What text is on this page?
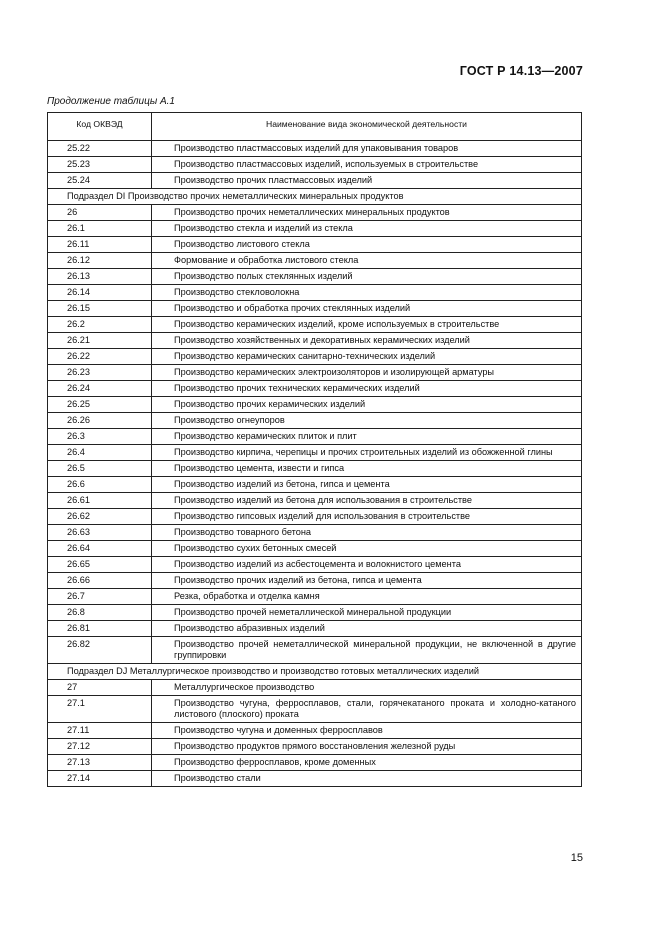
ГОСТ Р 14.13—2007
Продолжение таблицы А.1
Код ОКВЭД	Наименование вида экономической деятельности
25.22	Производство пластмассовых изделий для упаковывания товаров
25.23	Производство пластмассовых изделий, используемых в строительстве
25.24	Производство прочих пластмассовых изделий
Подраздел DI Производство прочих неметаллических минеральных продуктов	
26	Производство прочих неметаллических минеральных продуктов
26.1	Производство стекла и изделий из стекла
26.11	Производство листового стекла
26.12	Формование и обработка листового стекла
26.13	Производство полых стеклянных изделий
26.14	Производство стекловолокна
26.15	Производство и обработка прочих стеклянных изделий
26.2	Производство керамических изделий, кроме используемых в строительстве
26.21	Производство хозяйственных и декоративных керамических изделий
26.22	Производство керамических санитарно-технических изделий
26.23	Производство керамических электроизоляторов и изолирующей арматуры
26.24	Производство прочих технических керамических изделий
26.25	Производство прочих керамических изделий
26.26	Производство огнеупоров
26.3	Производство керамических плиток и плит
26.4	Производство кирпича, черепицы и прочих строительных изделий из обожженной глины
26.5	Производство цемента, извести и гипса
26.6	Производство изделий из бетона, гипса и цемента
26.61	Производство изделий из бетона для использования в строительстве
26.62	Производство гипсовых изделий для использования в строительстве
26.63	Производство товарного бетона
26.64	Производство сухих бетонных смесей
26.65	Производство изделий из асбестоцемента и волокнистого цемента
26.66	Производство прочих изделий из бетона, гипса и цемента
26.7	Резка, обработка и отделка камня
26.8	Производство прочей неметаллической минеральной продукции
26.81	Производство абразивных изделий
26.82	Производство прочей неметаллической минеральной продукции, не включенной в другие группировки
Подраздел DJ Металлургическое производство и производство готовых металлических изделий	
27	Металлургическое производство
27.1	Производство чугуна, ферросплавов, стали, горячекатаного проката и холодно-катаного листового (плоского) проката
27.11	Производство чугуна и доменных ферросплавов
27.12	Производство продуктов прямого восстановления железной руды
27.13	Производство ферросплавов, кроме доменных
27.14	Производство стали
15
